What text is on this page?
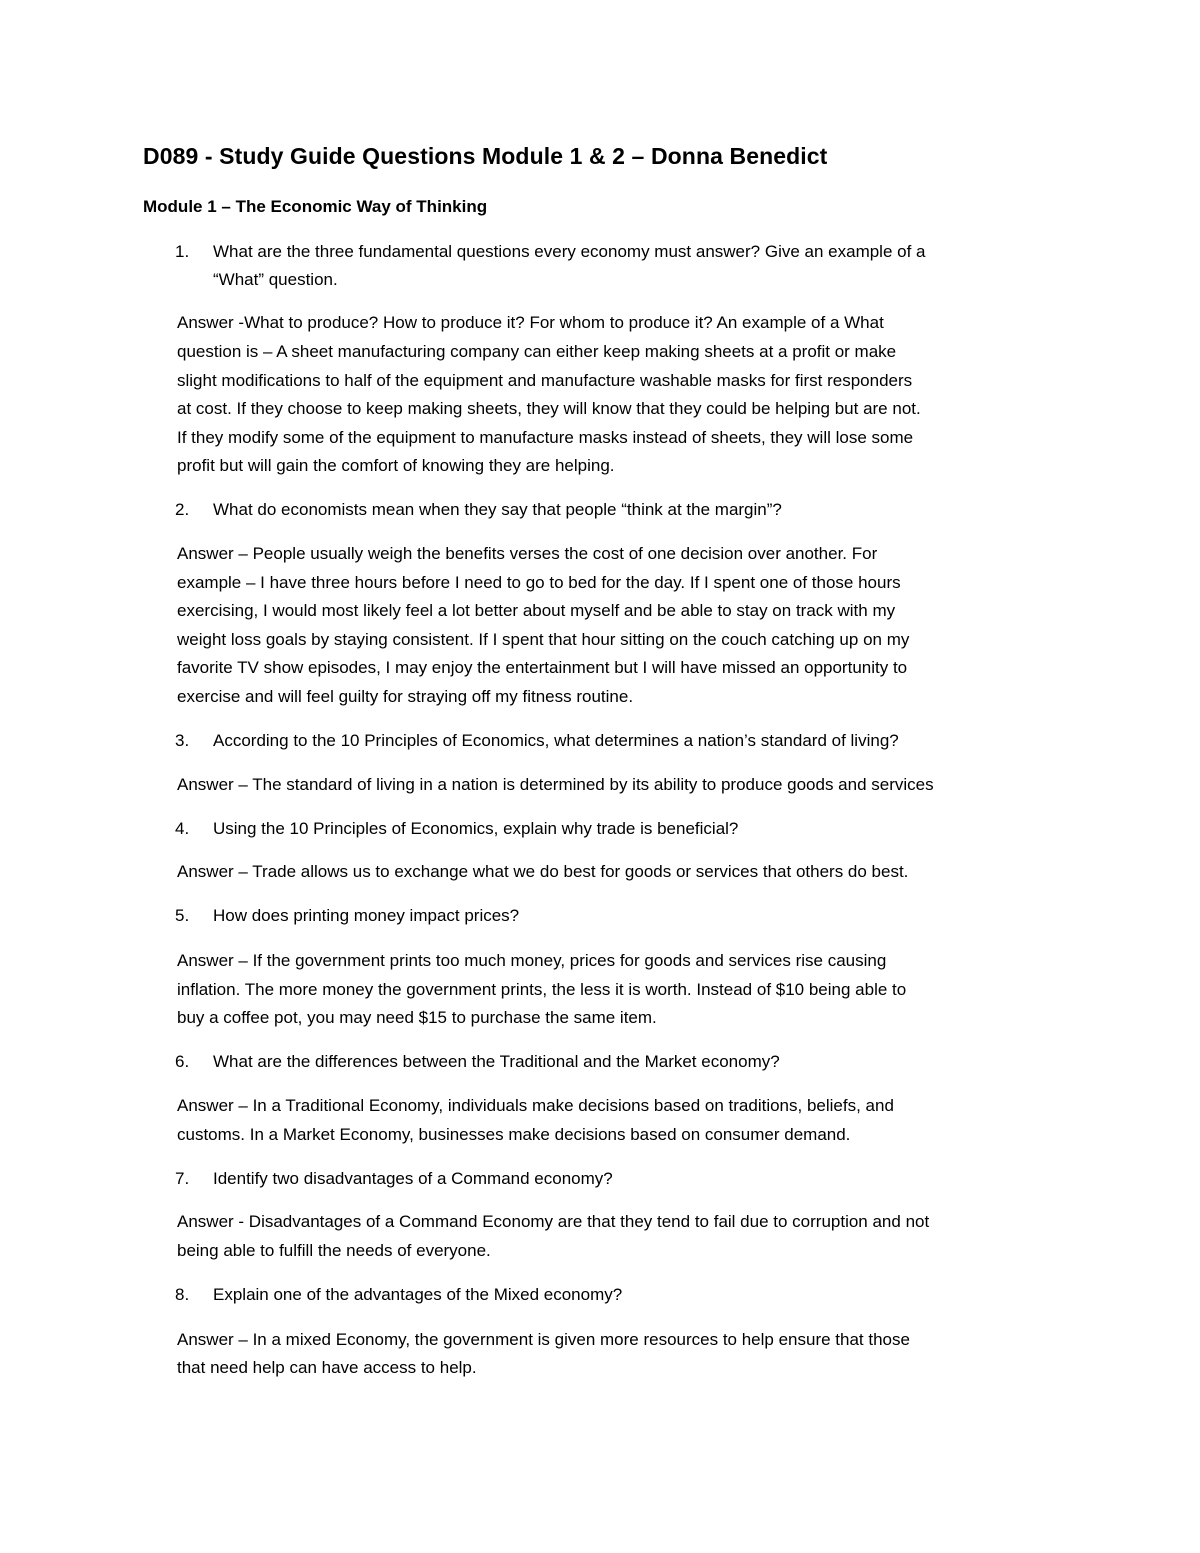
D089 - Study Guide Questions Module 1 & 2 – Donna Benedict
Module 1 – The Economic Way of Thinking
1. What are the three fundamental questions every economy must answer? Give an example of a
“What” question.
Answer -What to produce? How to produce it? For whom to produce it? An example of a What
question is – A sheet manufacturing company can either keep making sheets at a profit or make
slight modifications to half of the equipment and manufacture washable masks for first responders
at cost. If they choose to keep making sheets, they will know that they could be helping but are not.
If they modify some of the equipment to manufacture masks instead of sheets, they will lose some
profit but will gain the comfort of knowing they are helping.
2. What do economists mean when they say that people “think at the margin”?
Answer – People usually weigh the benefits verses the cost of one decision over another. For
example – I have three hours before I need to go to bed for the day. If I spent one of those hours
exercising, I would most likely feel a lot better about myself and be able to stay on track with my
weight loss goals by staying consistent. If I spent that hour sitting on the couch catching up on my
favorite TV show episodes, I may enjoy the entertainment but I will have missed an opportunity to
exercise and will feel guilty for straying off my fitness routine.
3. According to the 10 Principles of Economics, what determines a nation’s standard of living?
Answer – The standard of living in a nation is determined by its ability to produce goods and services
4. Using the 10 Principles of Economics, explain why trade is beneficial?
Answer – Trade allows us to exchange what we do best for goods or services that others do best.
5. How does printing money impact prices?
Answer – If the government prints too much money, prices for goods and services rise causing
inflation. The more money the government prints, the less it is worth. Instead of $10 being able to
buy a coffee pot, you may need $15 to purchase the same item.
6. What are the differences between the Traditional and the Market economy?
Answer – In a Traditional Economy, individuals make decisions based on traditions, beliefs, and
customs. In a Market Economy, businesses make decisions based on consumer demand.
7. Identify two disadvantages of a Command economy?
Answer - Disadvantages of a Command Economy are that they tend to fail due to corruption and not
being able to fulfill the needs of everyone.
8. Explain one of the advantages of the Mixed economy?
Answer – In a mixed Economy, the government is given more resources to help ensure that those
that need help can have access to help.
